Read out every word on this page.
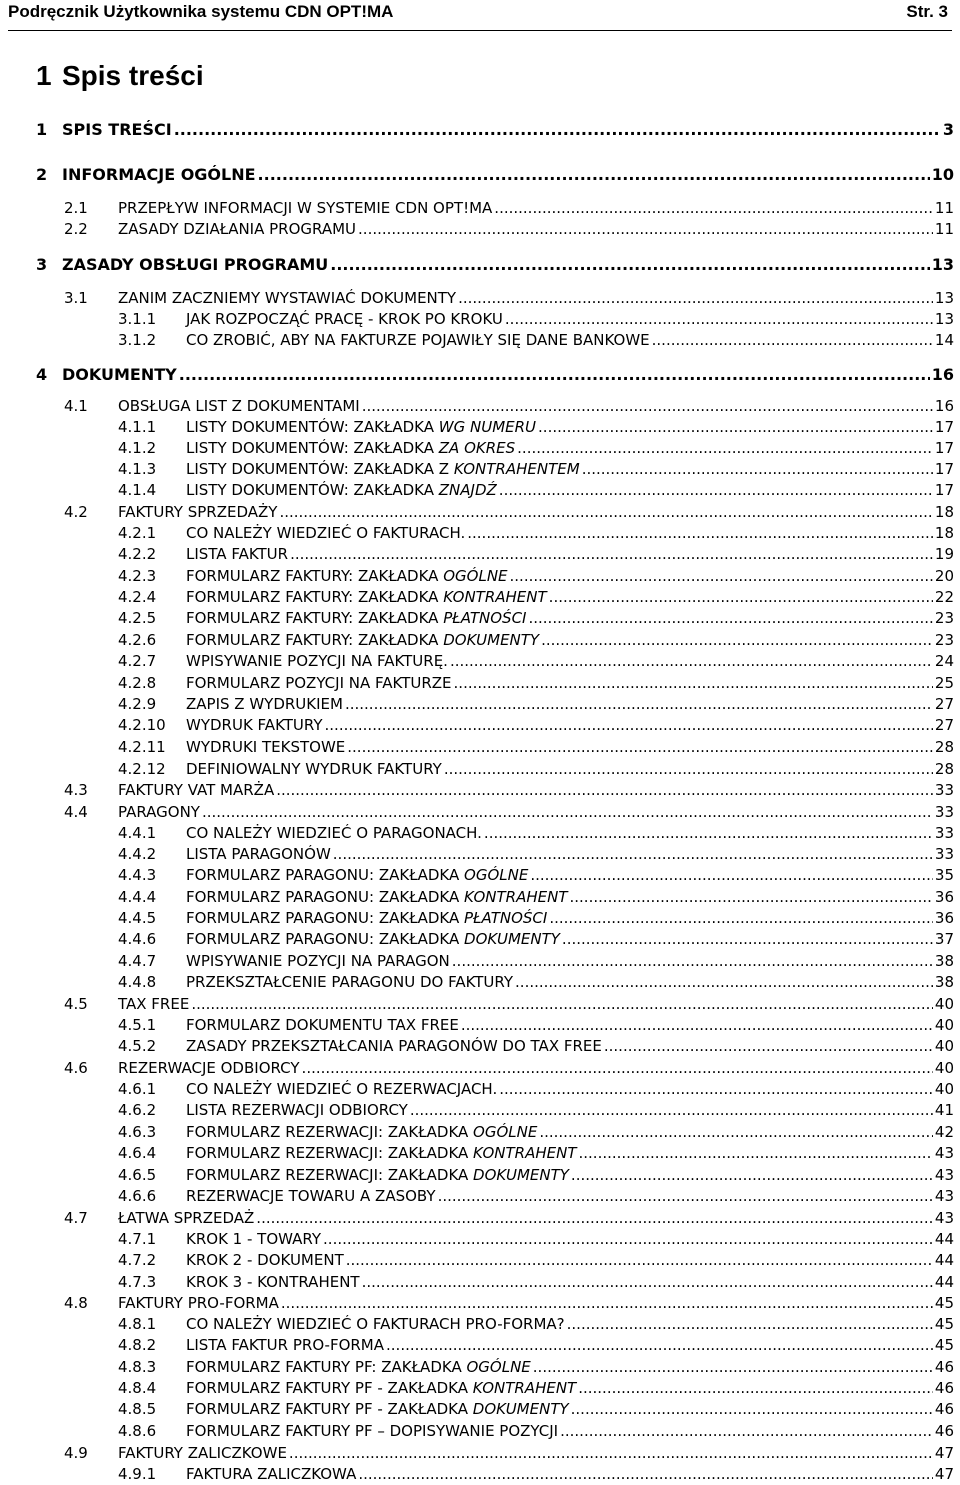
Podręcznik Użytkownika systemu CDN OPT!MA	Str. 3
1 Spis treści
1 SPIS TREŚCI .....	3
2 INFORMACJE OGÓLNE .....	10
2.1	PRZEPŁYW INFORMACJI W SYSTEMIE CDN OPT!MA .....	11
2.2	ZASADY DZIAŁANIA PROGRAMU .....	11
3 ZASADY OBSŁUGI PROGRAMU .....	13
3.1	ZANIM ZACZNIEMY WYSTAWIAĆ DOKUMENTY .....	13
3.1.1	JAK ROZPOCZĄĆ PRACĘ - KROK PO KROKU .....	13
3.1.2	CO ZROBIĆ, ABY NA FAKTURZE POJAWIŁY SIĘ DANE BANKOWE .....	14
4 DOKUMENTY .....	16
4.1	OBSŁUGA LIST Z DOKUMENTAMI .....	16
4.1.1	LISTY DOKUMENTÓW: ZAKŁADKA WG NUMERU .....	17
4.1.2	LISTY DOKUMENTÓW: ZAKŁADKA ZA OKRES .....	17
4.1.3	LISTY DOKUMENTÓW: ZAKŁADKA Z KONTRAHENTEM .....	17
4.1.4	LISTY DOKUMENTÓW: ZAKŁADKA ZNAJDŹ .....	17
4.2	FAKTURY SPRZEDAŻY .....	18
4.2.1	CO NALEŻY WIEDZIEĆ O FAKTURACH. .....	18
4.2.2	LISTA FAKTUR .....	19
4.2.3	FORMULARZ FAKTURY: ZAKŁADKA OGÓLNE .....	20
4.2.4	FORMULARZ FAKTURY: ZAKŁADKA KONTRAHENT .....	22
4.2.5	FORMULARZ FAKTURY: ZAKŁADKA PŁATNOŚCI .....	23
4.2.6	FORMULARZ FAKTURY: ZAKŁADKA DOKUMENTY .....	23
4.2.7	WPISYWANIE POZYCJI NA FAKTURĘ. .....	24
4.2.8	FORMULARZ POZYCJI NA FAKTURZE .....	25
4.2.9	ZAPIS Z WYDRUKIEM .....	27
4.2.10	WYDRUK FAKTURY .....	27
4.2.11	WYDRUKI TEKSTOWE .....	28
4.2.12	DEFINIOWALNY WYDRUK FAKTURY .....	28
4.3	FAKTURY VAT MARŻA .....	33
4.4	PARAGONY .....	33
4.4.1	CO NALEŻY WIEDZIEĆ O PARAGONACH. .....	33
4.4.2	LISTA PARAGONÓW .....	33
4.4.3	FORMULARZ PARAGONU: ZAKŁADKA OGÓLNE .....	35
4.4.4	FORMULARZ PARAGONU: ZAKŁADKA KONTRAHENT .....	36
4.4.5	FORMULARZ PARAGONU: ZAKŁADKA PŁATNOŚCI .....	36
4.4.6	FORMULARZ PARAGONU: ZAKŁADKA DOKUMENTY .....	37
4.4.7	WPISYWANIE POZYCJI NA PARAGON .....	38
4.4.8	PRZEKSZTAŁCENIE PARAGONU DO FAKTURY .....	38
4.5	TAX FREE .....	40
4.5.1	FORMULARZ DOKUMENTU TAX FREE .....	40
4.5.2	ZASADY PRZEKSZTAŁCANIA PARAGONÓW DO TAX FREE .....	40
4.6	REZERWACJE ODBIORCY .....	40
4.6.1	CO NALEŻY WIEDZIEĆ O REZERWACJACH. .....	40
4.6.2	LISTA REZERWACJI ODBIORCY .....	41
4.6.3	FORMULARZ REZERWACJI: ZAKŁADKA OGÓLNE .....	42
4.6.4	FORMULARZ REZERWACJI: ZAKŁADKA KONTRAHENT .....	43
4.6.5	FORMULARZ REZERWACJI: ZAKŁADKA DOKUMENTY .....	43
4.6.6	REZERWACJE TOWARU A ZASOBY .....	43
4.7	ŁATWA SPRZEDAŻ .....	43
4.7.1	KROK 1 - TOWARY .....	44
4.7.2	KROK 2 - DOKUMENT .....	44
4.7.3	KROK 3 - KONTRAHENT .....	44
4.8	FAKTURY PRO-FORMA .....	45
4.8.1	CO NALEŻY WIEDZIEĆ O FAKTURACH PRO-FORMA? .....	45
4.8.2	LISTA FAKTUR PRO-FORMA .....	45
4.8.3	FORMULARZ FAKTURY PF: ZAKŁADKA OGÓLNE .....	46
4.8.4	FORMULARZ FAKTURY PF - ZAKŁADKA KONTRAHENT .....	46
4.8.5	FORMULARZ FAKTURY PF - ZAKŁADKA DOKUMENTY .....	46
4.8.6	FORMULARZ FAKTURY PF – DOPISYWANIE POZYCJI .....	46
4.9	FAKTURY ZALICZKOWE .....	47
4.9.1	FAKTURA ZALICZKOWA .....	47
